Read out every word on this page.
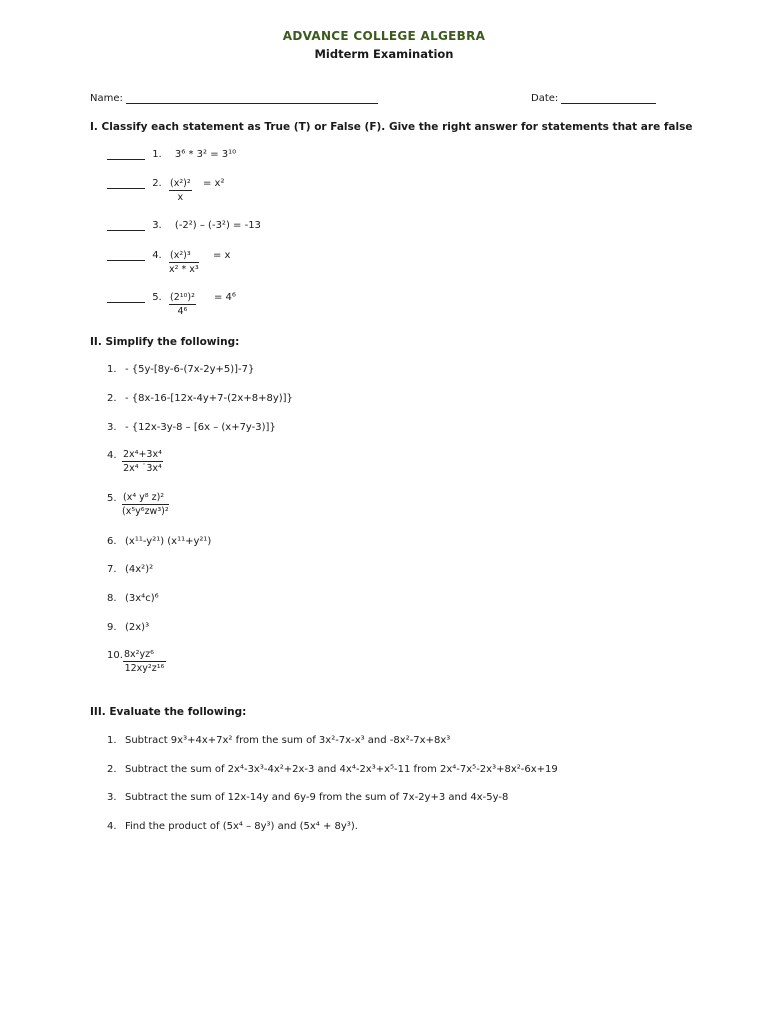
ADVANCE COLLEGE ALGEBRA
Midterm Examination
Name:	Date:
I. Classify each statement as True (T) or False (F). Give the right answer for statements that are false
1. 3⁶ * 3² = 3¹⁰
2. $\frac{\text{(x²)²}}{x} = x^2$
3. (-2²) – (-3²) = -13
4. $\frac{\text{(x²)³}}{\text{x² * x³}} = x$
5. $\frac{\text{(2¹⁰)²}}{\text{4⁶}} = 4^6$
II. Simplify the following:
1. - {5y-[8y-6-(7x-2y+5)]-7}
2. - {8x-16-[12x-4y+7-(2x+8+8y)]}
3. - {12x-3y-8 – [6x – (x+7y-3)]}
4. $\frac{\text{2x⁴+3x⁴}}{\text{2x⁴ ˙3x⁴}}$
5. $\frac{\text{(x⁴ y⁸ z)²}}{\text{(x⁵y⁶zw³)²}}$
6. (x¹¹-y²¹) (x¹¹+y²¹)
7. (4x²)²
8. (3x⁴c)⁶
9. (2x)³
10. $\frac{\text{8x²yz⁶}}{\text{12xy²z¹⁶}}$
III. Evaluate the following:
1. Subtract 9x³+4x+7x² from the sum of 3x²-7x-x³ and -8x²-7x+8x³
2. Subtract the sum of 2x⁴-3x³-4x²+2x-3 and 4x⁴-2x³+x⁵-11 from 2x⁴-7x⁵-2x³+8x²-6x+19
3. Subtract the sum of 12x-14y and 6y-9 from the sum of 7x-2y+3 and 4x-5y-8
4. Find the product of (5x⁴ – 8y³) and (5x⁴ + 8y³).
